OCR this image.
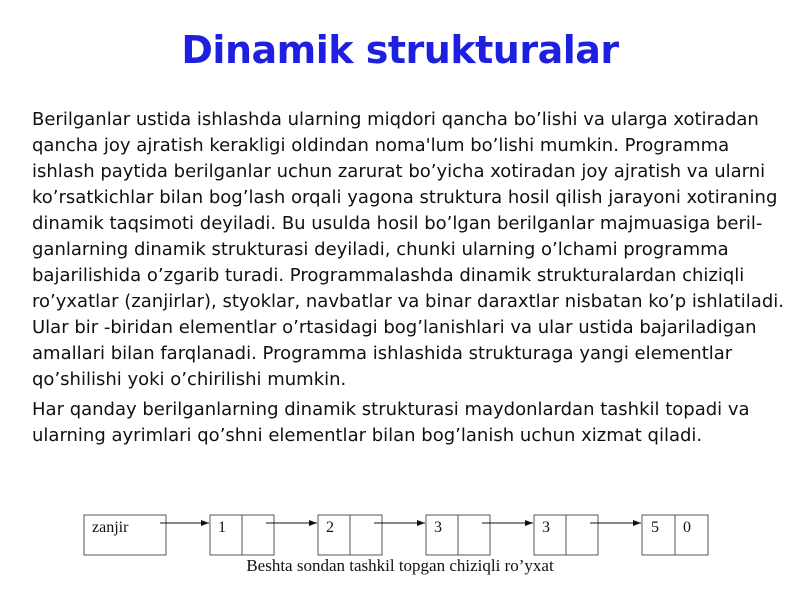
Dinamik strukturalar

Berilganlar ustida ishlashda ularning miqdori qancha bo’lishi va ularga xotiradan qancha joy ajratish kerakligi oldindan noma'lum bo’lishi mumkin. Programma ishlash paytida berilganlar uchun zarurat bo’yicha xotiradan joy ajratish va ularni ko’rsatkichlar bilan bog’lash orqali yagona struktura hosil qilish jarayoni xotiraning dinamik taqsimoti deyiladi. Bu usulda hosil bo’lgan berilganlar majmuasiga beril-ganlarning dinamik strukturasi deyiladi, chunki ularning o’lchami programma bajarilishida o’zgarib turadi. Programmalashda dinamik strukturalardan chiziqli ro’yxatlar (zanjirlar), styoklar, navbatlar va binar daraxtlar nisbatan ko’p ishlatiladi. Ular bir -biridan elementlar o’rtasidagi bog’lanishlari va ular ustida bajariladigan amallari bilan farqlanadi. Programma ishlashida strukturaga yangi elementlar qo’shilishi yoki o’chirilishi mumkin.

Har qanday berilganlarning dinamik strukturasi maydonlardan tashkil topadi va ularning ayrimlari qo’shni elementlar bilan bog’lanish uchun xizmat qiladi.

zanjir	1	2	3	3	5 0
Beshta sondan tashkil topgan chiziqli ro’yxat
